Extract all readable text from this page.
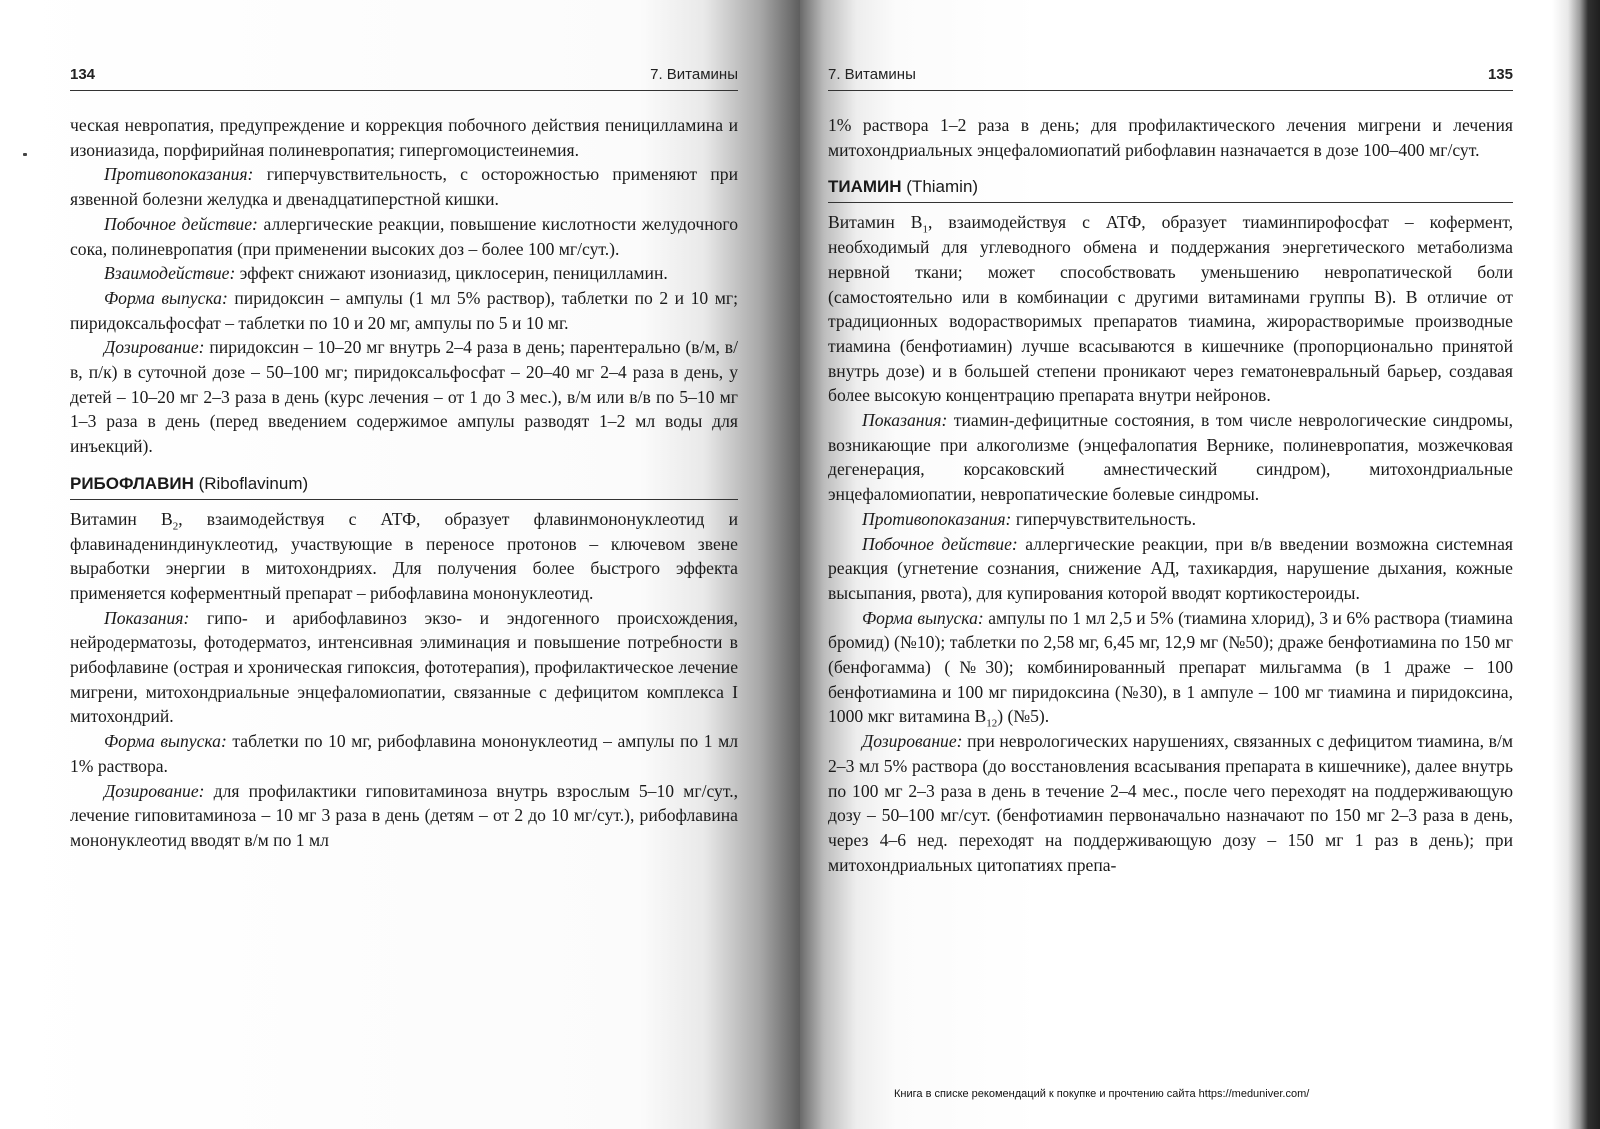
134	7. Витамины

ческая невропатия, предупреждение и коррекция побочного действия пеницилламина и изониазида, порфирийная полиневропатия; гипергомоцистеинемия.

Противопоказания: гиперчувствительность, с осторожностью применяют при язвенной болезни желудка и двенадцатиперстной кишки.

Побочное действие: аллергические реакции, повышение кислотности желудочного сока, полиневропатия (при применении высоких доз – более 100 мг/сут.).

Взаимодействие: эффект снижают изониазид, циклосерин, пеницилламин.

Форма выпуска: пиридоксин – ампулы (1 мл 5% раствор), таблетки по 2 и 10 мг; пиридоксальфосфат – таблетки по 10 и 20 мг, ампулы по 5 и 10 мг.

Дозирование: пиридоксин – 10–20 мг внутрь 2–4 раза в день; парентерально (в/м, в/в, п/к) в суточной дозе – 50–100 мг; пиридоксальфосфат – 20–40 мг 2–4 раза в день, у детей – 10–20 мг 2–3 раза в день (курс лечения – от 1 до 3 мес.), в/м или в/в по 5–10 мг 1–3 раза в день (перед введением содержимое ампулы разводят 1–2 мл воды для инъекций).

РИБОФЛАВИН (Riboflavinum)

Витамин $B_2$, взаимодействуя с АТФ, образует флавинмононуклеотид и флавинадениндинуклеотид, участвующие в переносе протонов – ключевом звене выработки энергии в митохондриях. Для получения более быстрого эффекта применяется коферментный препарат – рибофлавина мононуклеотид.

Показания: гипо- и арибофлавиноз экзо- и эндогенного происхождения, нейродерматозы, фотодерматоз, интенсивная элиминация и повышение потребности в рибофлавине (острая и хроническая гипоксия, фототерапия), профилактическое лечение мигрени, митохондриальные энцефаломиопатии, связанные с дефицитом комплекса I митохондрий.

Форма выпуска: таблетки по 10 мг, рибофлавина мононуклеотид – ампулы по 1 мл 1% раствора.

Дозирование: для профилактики гиповитаминоза внутрь взрослым 5–10 мг/сут., лечение гиповитаминоза – 10 мг 3 раза в день (детям – от 2 до 10 мг/сут.), рибофлавина мононуклеотид вводят в/м по 1 мл

7. Витамины	135

1% раствора 1–2 раза в день; для профилактического лечения мигрени и лечения митохондриальных энцефаломиопатий рибофлавин назначается в дозе 100–400 мг/сут.

ТИАМИН (Thiamin)

Витамин $B_1$, взаимодействуя с АТФ, образует тиаминпирофосфат – кофермент, необходимый для углеводного обмена и поддержания энергетического метаболизма нервной ткани; может способствовать уменьшению невропатической боли (самостоятельно или в комбинации с другими витаминами группы B). В отличие от традиционных водорастворимых препаратов тиамина, жирорастворимые производные тиамина (бенфотиамин) лучше всасываются в кишечнике (пропорционально принятой внутрь дозе) и в большей степени проникают через гематоневральный барьер, создавая более высокую концентрацию препарата внутри нейронов.

Показания: тиамин-дефицитные состояния, в том числе неврологические синдромы, возникающие при алкоголизме (энцефалопатия Вернике, полиневропатия, мозжечковая дегенерация, корсаковский амнестический синдром), митохондриальные энцефаломиопатии, невропатические болевые синдромы.

Противопоказания: гиперчувствительность.

Побочное действие: аллергические реакции, при в/в введении возможна системная реакция (угнетение сознания, снижение АД, тахикардия, нарушение дыхания, кожные высыпания, рвота), для купирования которой вводят кортикостероиды.

Форма выпуска: ампулы по 1 мл 2,5 и 5% (тиамина хлорид), 3 и 6% раствора (тиамина бромид) (№10); таблетки по 2,58 мг, 6,45 мг, 12,9 мг (№50); драже бенфотиамина по 150 мг (бенфогамма) (№30); комбинированный препарат мильгамма (в 1 драже – 100 бенфотиамина и 100 мг пиридоксина (№30), в 1 ампуле – 100 мг тиамина и пиридоксина, 1000 мкг витамина $B_{12}$) (№5).

Дозирование: при неврологических нарушениях, связанных с дефицитом тиамина, в/м 2–3 мл 5% раствора (до восстановления всасывания препарата в кишечнике), далее внутрь по 100 мг 2–3 раза в день в течение 2–4 мес., после чего переходят на поддерживающую дозу – 50–100 мг/сут. (бенфотиамин первоначально назначают по 150 мг 2–3 раза в день, через 4–6 нед. переходят на поддерживающую дозу – 150 мг 1 раз в день); при митохондриальных цитопатиях препа-

Книга в списке рекомендаций к покупке и прочтению сайта https://meduniver.com/
